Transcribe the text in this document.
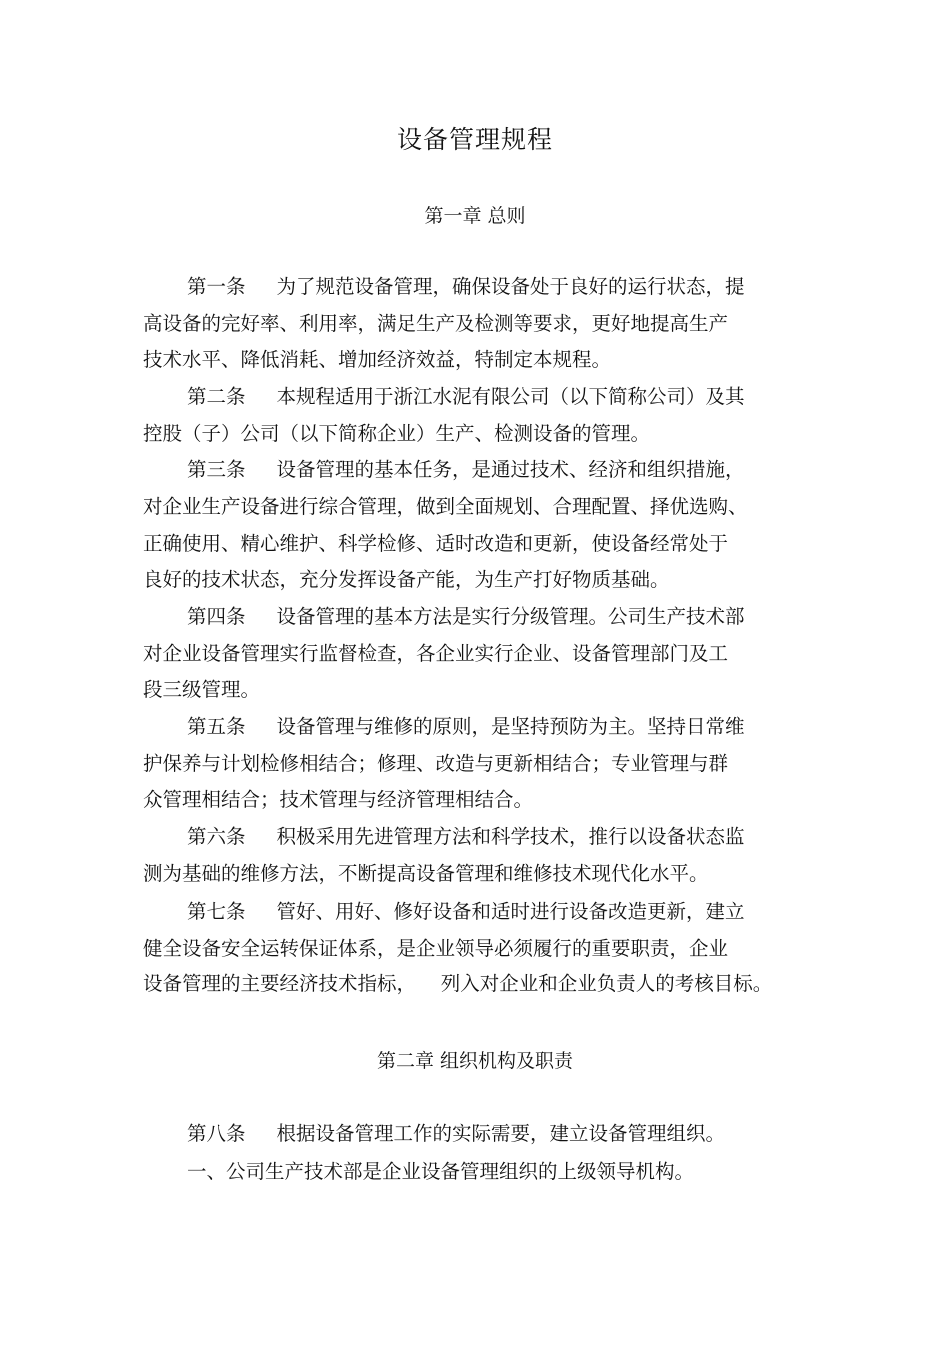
设备管理规程
第一章 总则
第一条     为了规范设备管理，确保设备处于良好的运行状态，提
高设备的完好率、利用率，满足生产及检测等要求，更好地提高生产
技术水平、降低消耗、增加经济效益，特制定本规程。
第二条     本规程适用于浙江水泥有限公司（以下简称公司）及其
控股（子）公司（以下简称企业）生产、检测设备的管理。
第三条     设备管理的基本任务，是通过技术、经济和组织措施，
对企业生产设备进行综合管理，做到全面规划、合理配置、择优选购、
正确使用、精心维护、科学检修、适时改造和更新，使设备经常处于
良好的技术状态，充分发挥设备产能，为生产打好物质基础。
第四条     设备管理的基本方法是实行分级管理。公司生产技术部
对企业设备管理实行监督检查，各企业实行企业、设备管理部门及工
段三级管理。
第五条     设备管理与维修的原则，是坚持预防为主。坚持日常维
护保养与计划检修相结合；修理、改造与更新相结合；专业管理与群
众管理相结合；技术管理与经济管理相结合。
第六条     积极采用先进管理方法和科学技术，推行以设备状态监
测为基础的维修方法，不断提高设备管理和维修技术现代化水平。
第七条     管好、用好、修好设备和适时进行设备改造更新，建立
健全设备安全运转保证体系，是企业领导必须履行的重要职责，企业
设备管理的主要经济技术指标，    列入对企业和企业负责人的考核目标。
第二章 组织机构及职责
第八条     根据设备管理工作的实际需要，建立设备管理组织。
一、公司生产技术部是企业设备管理组织的上级领导机构。
